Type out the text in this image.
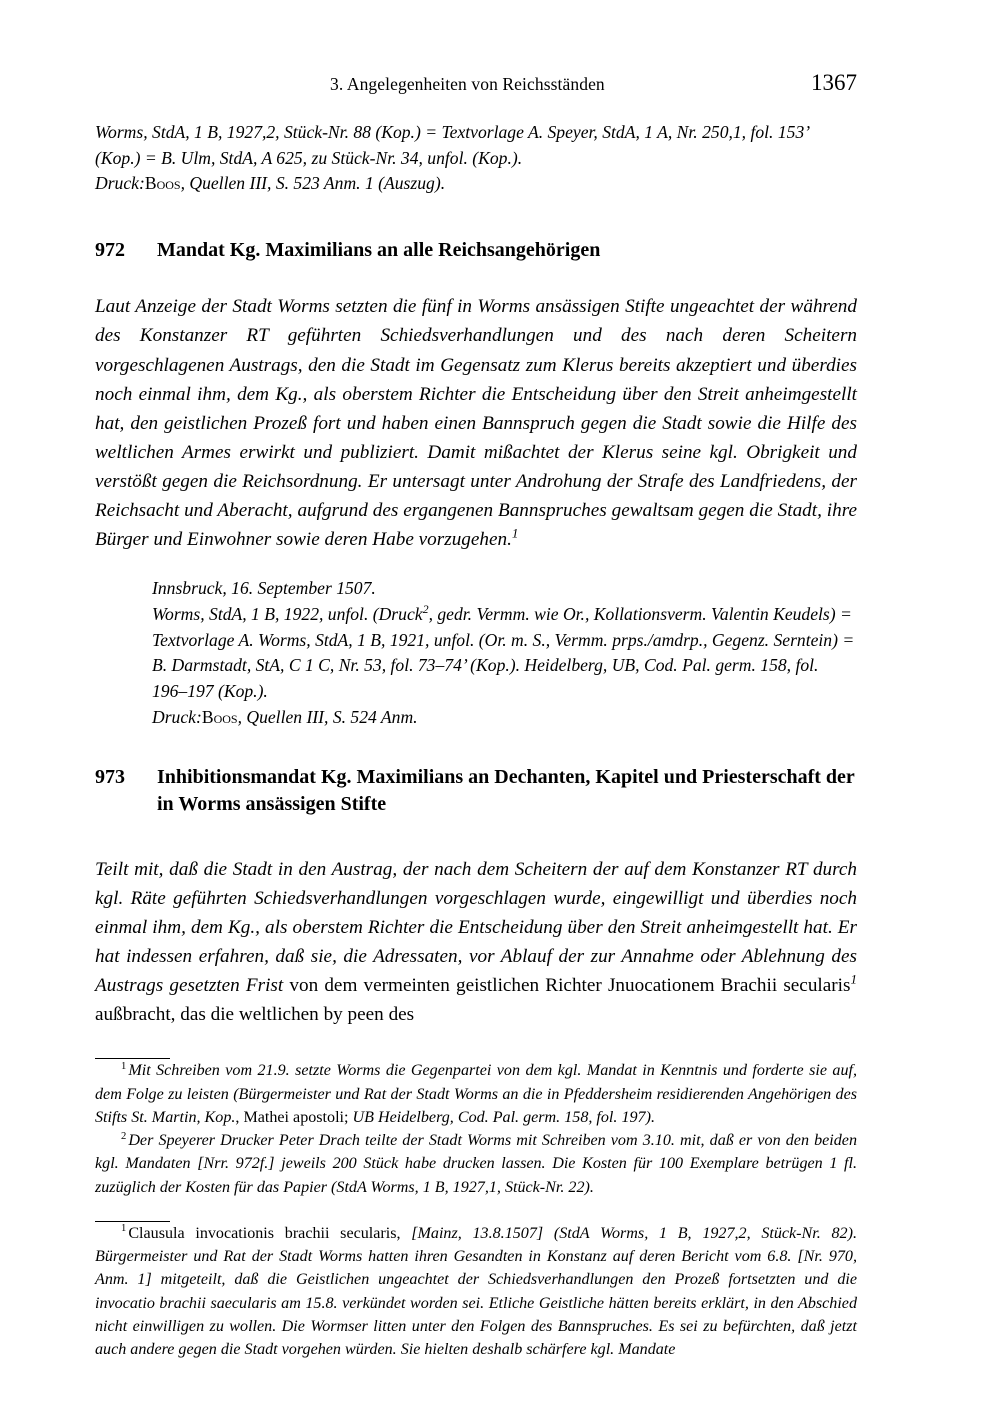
3. Angelegenheiten von Reichsständen	1367
Worms, StdA, 1 B, 1927,2, Stück-Nr. 88 (Kop.) = Textvorlage A. Speyer, StdA, 1 A, Nr. 250,1, fol. 153’ (Kop.) = B. Ulm, StdA, A 625, zu Stück-Nr. 34, unfol. (Kop.).
Druck:Boos, Quellen III, S. 523 Anm. 1 (Auszug).
972 Mandat Kg. Maximilians an alle Reichsangehörigen
Laut Anzeige der Stadt Worms setzten die fünf in Worms ansässigen Stifte ungeachtet der während des Konstanzer RT geführten Schiedsverhandlungen und des nach deren Scheitern vorgeschlagenen Austrags, den die Stadt im Gegensatz zum Klerus bereits akzeptiert und überdies noch einmal ihm, dem Kg., als oberstem Richter die Entscheidung über den Streit anheimgestellt hat, den geistlichen Prozeß fort und haben einen Bannspruch gegen die Stadt sowie die Hilfe des weltlichen Armes erwirkt und publiziert. Damit mißachtet der Klerus seine kgl. Obrigkeit und verstößt gegen die Reichsordnung. Er untersagt unter Androhung der Strafe des Landfriedens, der Reichsacht und Aberacht, aufgrund des ergangenen Bannspruches gewaltsam gegen die Stadt, ihre Bürger und Einwohner sowie deren Habe vorzugehen.$^1$
Innsbruck, 16. September 1507.
Worms, StdA, 1 B, 1922, unfol. (Druck$^2$, gedr. Vermm. wie Or., Kollationsverm. Valentin Keudels) = Textvorlage A. Worms, StdA, 1 B, 1921, unfol. (Or. m. S., Vermm. prps./amdrp., Gegenz. Serntein) = B. Darmstadt, StA, C 1 C, Nr. 53, fol. 73–74’ (Kop.). Heidelberg, UB, Cod. Pal. germ. 158, fol. 196–197 (Kop.).
Druck:Boos, Quellen III, S. 524 Anm.
973 Inhibitionsmandat Kg. Maximilians an Dechanten, Kapitel und Priesterschaft der in Worms ansässigen Stifte
Teilt mit, daß die Stadt in den Austrag, der nach dem Scheitern der auf dem Konstanzer RT durch kgl. Räte geführten Schiedsverhandlungen vorgeschlagen wurde, eingewilligt und überdies noch einmal ihm, dem Kg., als oberstem Richter die Entscheidung über den Streit anheimgestellt hat. Er hat indessen erfahren, daß sie, die Adressaten, vor Ablauf der zur Annahme oder Ablehnung des Austrags gesetzten Frist von dem vermeinten geistlichen Richter Jnuocationem Brachii secularis$^1$ außbracht, das die weltlichen by peen des

$^1$ Mit Schreiben vom 21.9. setzte Worms die Gegenpartei von dem kgl. Mandat in Kenntnis und forderte sie auf, dem Folge zu leisten (Bürgermeister und Rat der Stadt Worms an die in Pfeddersheim residierenden Angehörigen des Stifts St. Martin, Kop., Mathei apostoli; UB Heidelberg, Cod. Pal. germ. 158, fol. 197).

$^2$ Der Speyerer Drucker Peter Drach teilte der Stadt Worms mit Schreiben vom 3.10. mit, daß er von den beiden kgl. Mandaten [Nrr. 972f.] jeweils 200 Stück habe drucken lassen. Die Kosten für 100 Exemplare betrügen 1 fl. zuzüglich der Kosten für das Papier (StdA Worms, 1 B, 1927,1, Stück-Nr. 22).

$^1$ Clausula invocationis brachii secularis, [Mainz, 13.8.1507] (StdA Worms, 1 B, 1927,2, Stück-Nr. 82). Bürgermeister und Rat der Stadt Worms hatten ihren Gesandten in Konstanz auf deren Bericht vom 6.8. [Nr. 970, Anm. 1] mitgeteilt, daß die Geistlichen ungeachtet der Schiedsverhandlungen den Prozeß fortsetzten und die invocatio brachii saecularis am 15.8. verkündet worden sei. Etliche Geistliche hätten bereits erklärt, in den Abschied nicht einwilligen zu wollen. Die Wormser litten unter den Folgen des Bannspruches. Es sei zu befürchten, daß jetzt auch andere gegen die Stadt vorgehen würden. Sie hielten deshalb schärfere kgl. Mandate
